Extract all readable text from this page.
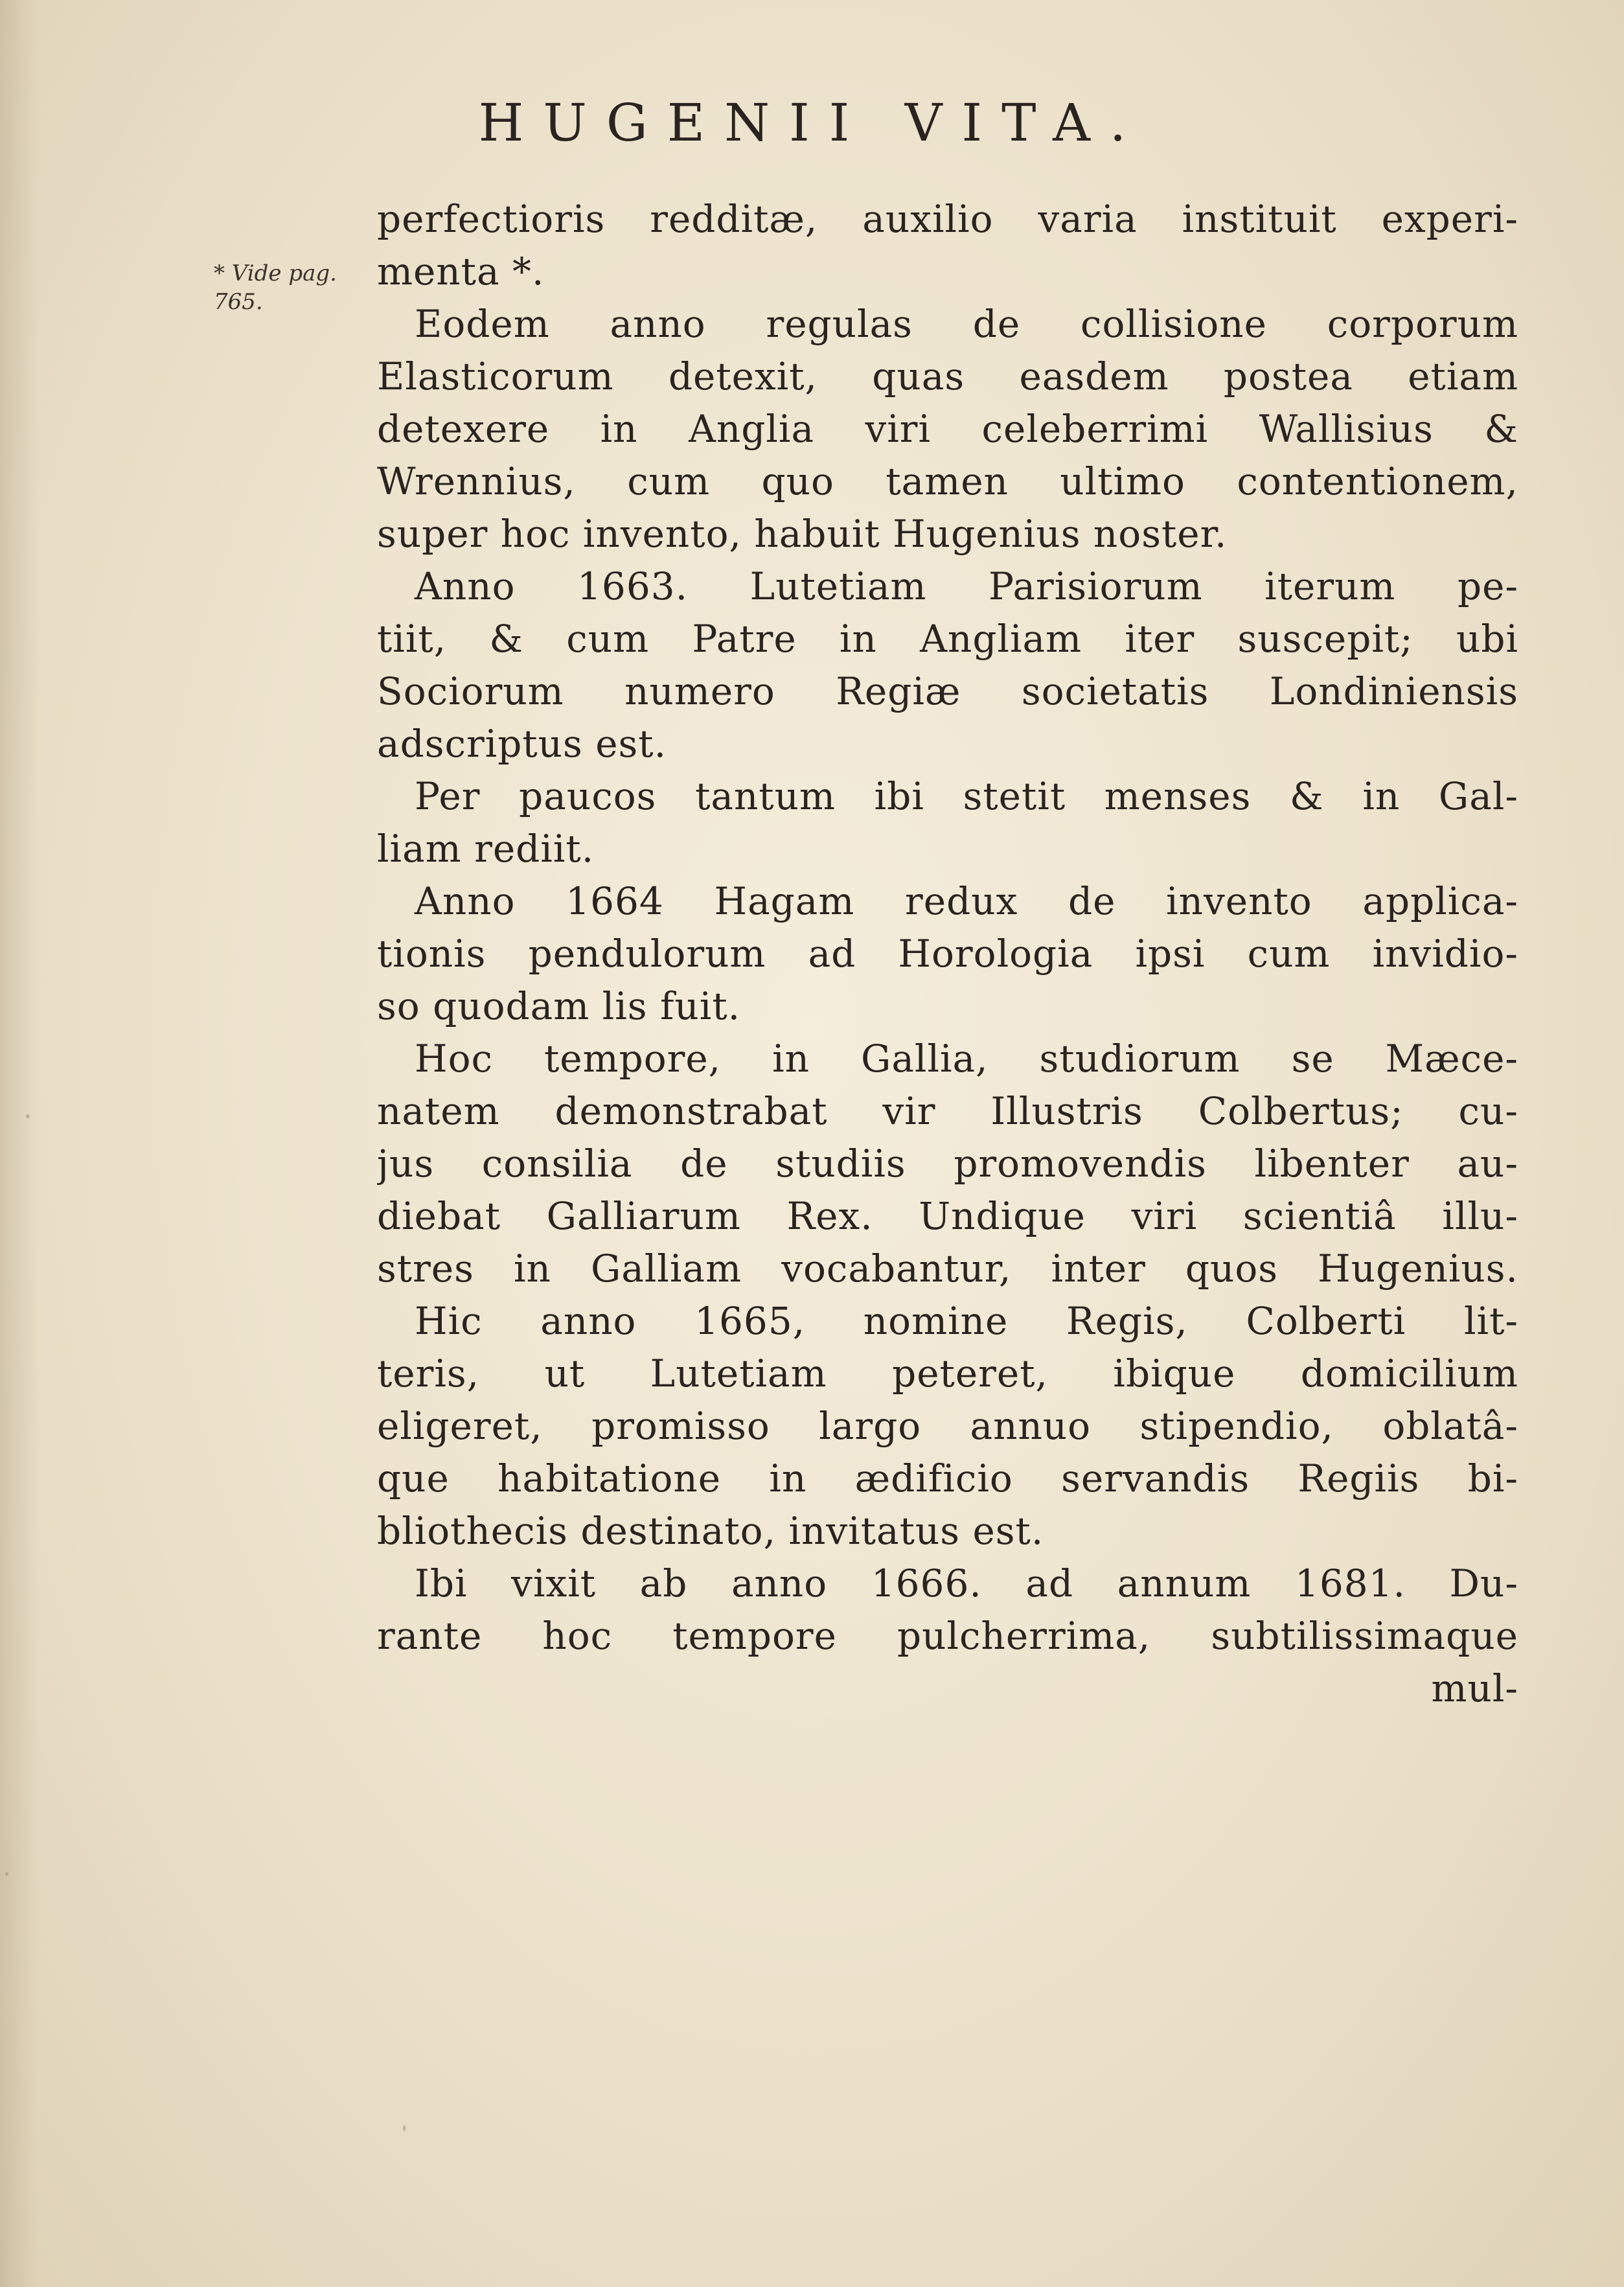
HUGENII VITA.
* Vide pag. 765.
perfectioris redditæ, auxilio varia instituit experi-
menta *.
Eodem anno regulas de collisione corporum
Elasticorum detexit, quas easdem postea etiam
detexere in Anglia viri celeberrimi Wallisius &
Wrennius, cum quo tamen ultimo contentionem,
super hoc invento, habuit Hugenius noster.
Anno 1663. Lutetiam Parisiorum iterum pe-
tiit, & cum Patre in Angliam iter suscepit; ubi
Sociorum numero Regiæ societatis Londiniensis
adscriptus est.
Per paucos tantum ibi stetit menses & in Gal-
liam rediit.
Anno 1664 Hagam redux de invento applica-
tionis pendulorum ad Horologia ipsi cum invidio-
so quodam lis fuit.
Hoc tempore, in Gallia, studiorum se Mæce-
natem demonstrabat vir Illustris Colbertus; cu-
jus consilia de studiis promovendis libenter au-
diebat Galliarum Rex. Undique viri scientiâ illu-
stres in Galliam vocabantur, inter quos Hugenius.
Hic anno 1665, nomine Regis, Colberti lit-
teris, ut Lutetiam peteret, ibique domicilium
eligeret, promisso largo annuo stipendio, oblatâ-
que habitatione in ædificio servandis Regiis bi-
bliothecis destinato, invitatus est.
Ibi vixit ab anno 1666. ad annum 1681. Du-
rante hoc tempore pulcherrima, subtilissimaque
mul-
